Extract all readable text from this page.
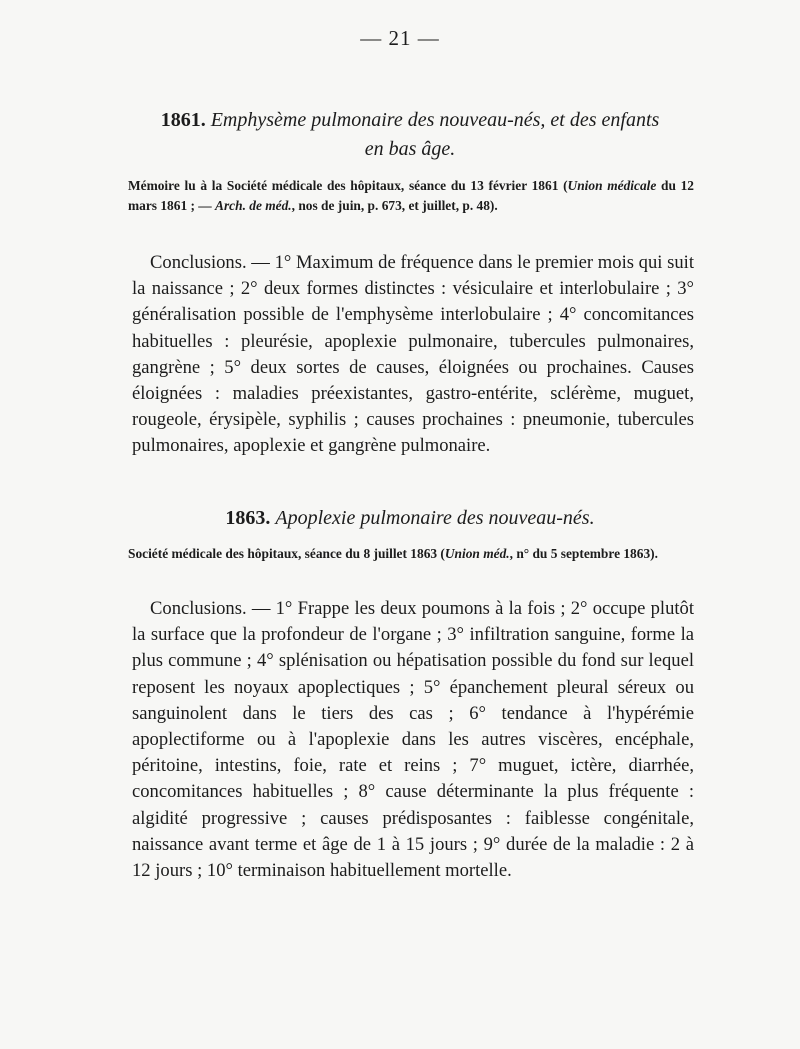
— 21 —
1861. Emphysème pulmonaire des nouveau-nés, et des enfants
en bas âge.
Mémoire lu à la Société médicale des hôpitaux, séance du 13 février 1861 (Union médicale du 12 mars 1861 ; — Arch. de méd., nos de juin, p. 673, et juillet, p. 48).
Conclusions. — 1° Maximum de fréquence dans le premier mois qui suit la naissance ; 2° deux formes distinctes : vésiculaire et interlobulaire ; 3° généralisation possible de l'emphysème interlobulaire ; 4° concomitances habituelles : pleurésie, apoplexie pulmonaire, tubercules pulmonaires, gangrène ; 5° deux sortes de causes, éloignées ou prochaines. Causes éloignées : maladies préexistantes, gastro-entérite, sclérème, muguet, rougeole, érysipèle, syphilis ; causes prochaines : pneumonie, tubercules pulmonaires, apoplexie et gangrène pulmonaire.
1863. Apoplexie pulmonaire des nouveau-nés.
Société médicale des hôpitaux, séance du 8 juillet 1863 (Union méd., n° du 5 septembre 1863).
Conclusions. — 1° Frappe les deux poumons à la fois ; 2° occupe plutôt la surface que la profondeur de l'organe ; 3° infiltration sanguine, forme la plus commune ; 4° splénisation ou hépatisation possible du fond sur lequel reposent les noyaux apoplectiques ; 5° épanchement pleural séreux ou sanguinolent dans le tiers des cas ; 6° tendance à l'hypérémie apoplectiforme ou à l'apoplexie dans les autres viscères, encéphale, péritoine, intestins, foie, rate et reins ; 7° muguet, ictère, diarrhée, concomitances habituelles ; 8° cause déterminante la plus fréquente : algidité progressive ; causes prédisposantes : faiblesse congénitale, naissance avant terme et âge de 1 à 15 jours ; 9° durée de la maladie : 2 à 12 jours ; 10° terminaison habituellement mortelle.
